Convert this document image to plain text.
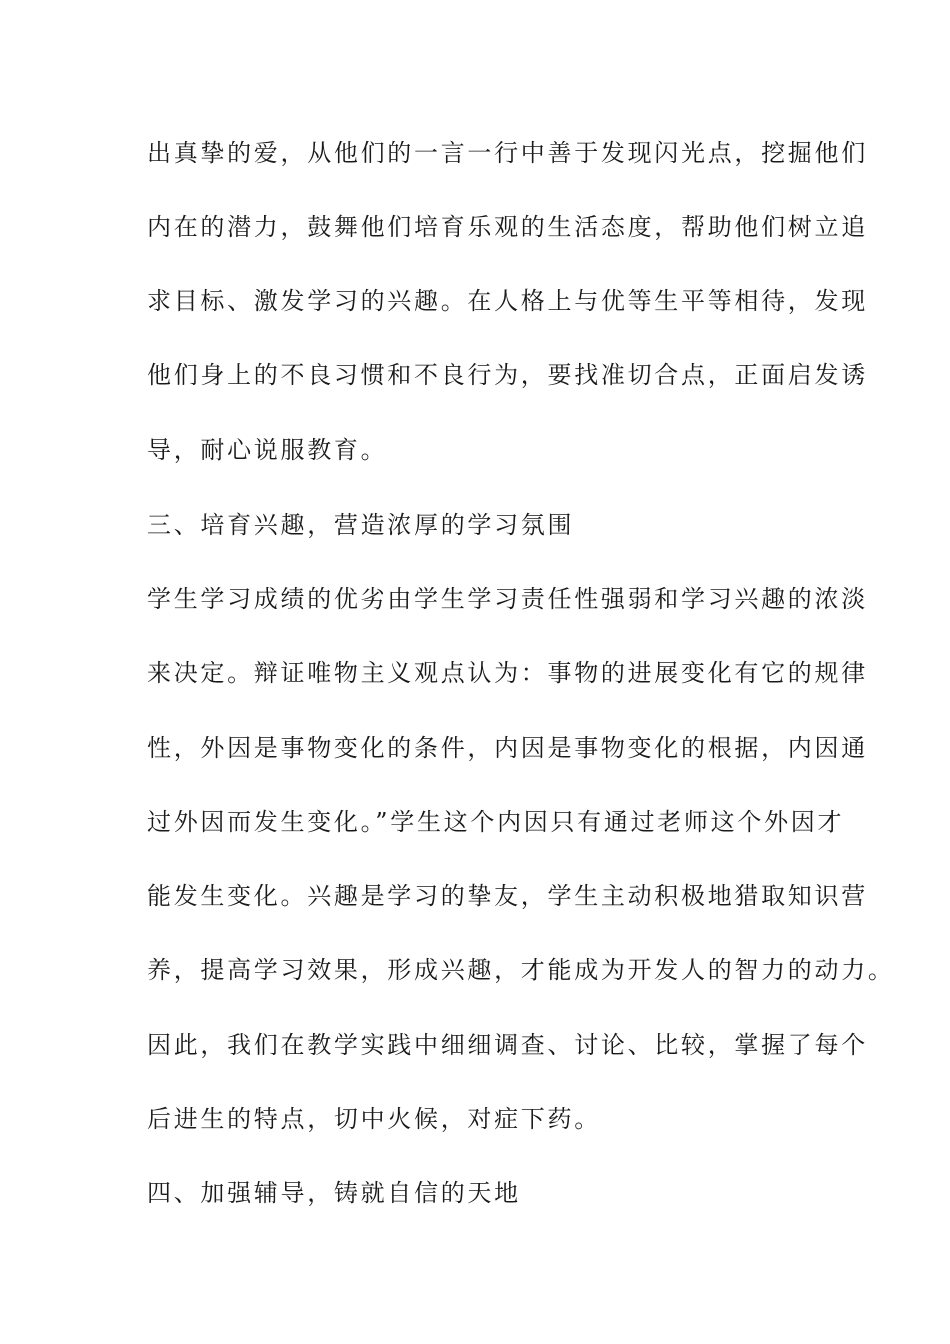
出真挚的爱，从他们的一言一行中善于发现闪光点，挖掘他们
内在的潜力，鼓舞他们培育乐观的生活态度，帮助他们树立追
求目标、激发学习的兴趣。在人格上与优等生平等相待，发现
他们身上的不良习惯和不良行为，要找准切合点，正面启发诱
导，耐心说服教育。
三、培育兴趣，营造浓厚的学习氛围
学生学习成绩的优劣由学生学习责任性强弱和学习兴趣的浓淡
来决定。辩证唯物主义观点认为：事物的进展变化有它的规律
性，外因是事物变化的条件，内因是事物变化的根据，内因通
过外因而发生变化。”学生这个内因只有通过老师这个外因才
能发生变化。兴趣是学习的挚友，学生主动积极地猎取知识营
养，提高学习效果，形成兴趣，才能成为开发人的智力的动力。
因此，我们在教学实践中细细调查、讨论、比较，掌握了每个
后进生的特点，切中火候，对症下药。
四、加强辅导，铸就自信的天地
